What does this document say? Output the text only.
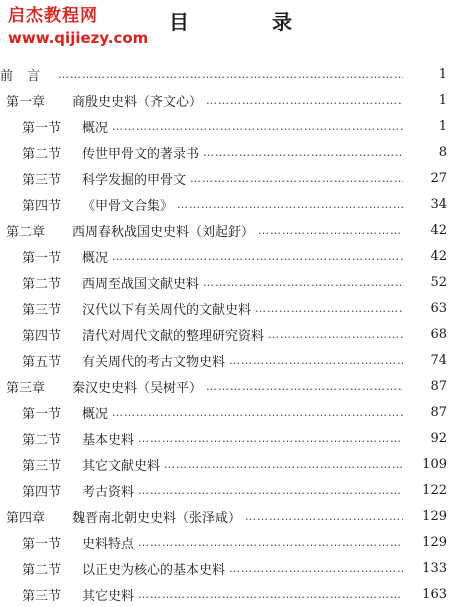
启杰教程网
www.qijiezy.com
目 录
前言 ……………………………………………………………………………………………………………………………………………………………………………………	1
第一章	商殷史史料（齐文心） ……………………………………………………………………………………………………………………………………………………………………………………	1
第一节	概况 ……………………………………………………………………………………………………………………………………………………………………………………	1
第二节	传世甲骨文的著录书 ……………………………………………………………………………………………………………………………………………………………………………………	8
第三节	科学发掘的甲骨文 ……………………………………………………………………………………………………………………………………………………………………………………	27
第四节	《甲骨文合集》 ……………………………………………………………………………………………………………………………………………………………………………………	34
第二章	西周春秋战国史史料（刘起釪） ……………………………………………………………………………………………………………………………………………………………………………………	42
第一节	概况 ……………………………………………………………………………………………………………………………………………………………………………………	42
第二节	西周至战国文献史料 ……………………………………………………………………………………………………………………………………………………………………………………	52
第三节	汉代以下有关周代的文献史料 ……………………………………………………………………………………………………………………………………………………………………………………	63
第四节	清代对周代文献的整理研究资料 ……………………………………………………………………………………………………………………………………………………………………………………	68
第五节	有关周代的考古文物史料 ……………………………………………………………………………………………………………………………………………………………………………………	74
第三章	秦汉史史料（吴树平） ……………………………………………………………………………………………………………………………………………………………………………………	87
第一节	概况 ……………………………………………………………………………………………………………………………………………………………………………………	87
第二节	基本史料 ……………………………………………………………………………………………………………………………………………………………………………………	92
第三节	其它文献史料 ……………………………………………………………………………………………………………………………………………………………………………………	109
第四节	考古资料 ……………………………………………………………………………………………………………………………………………………………………………………	122
第四章	魏晋南北朝史史料（张泽咸） ……………………………………………………………………………………………………………………………………………………………………………………	129
第一节	史料特点 ……………………………………………………………………………………………………………………………………………………………………………………	129
第二节	以正史为核心的基本史料 ……………………………………………………………………………………………………………………………………………………………………………………	133
第三节	其它史料 ……………………………………………………………………………………………………………………………………………………………………………………	163
